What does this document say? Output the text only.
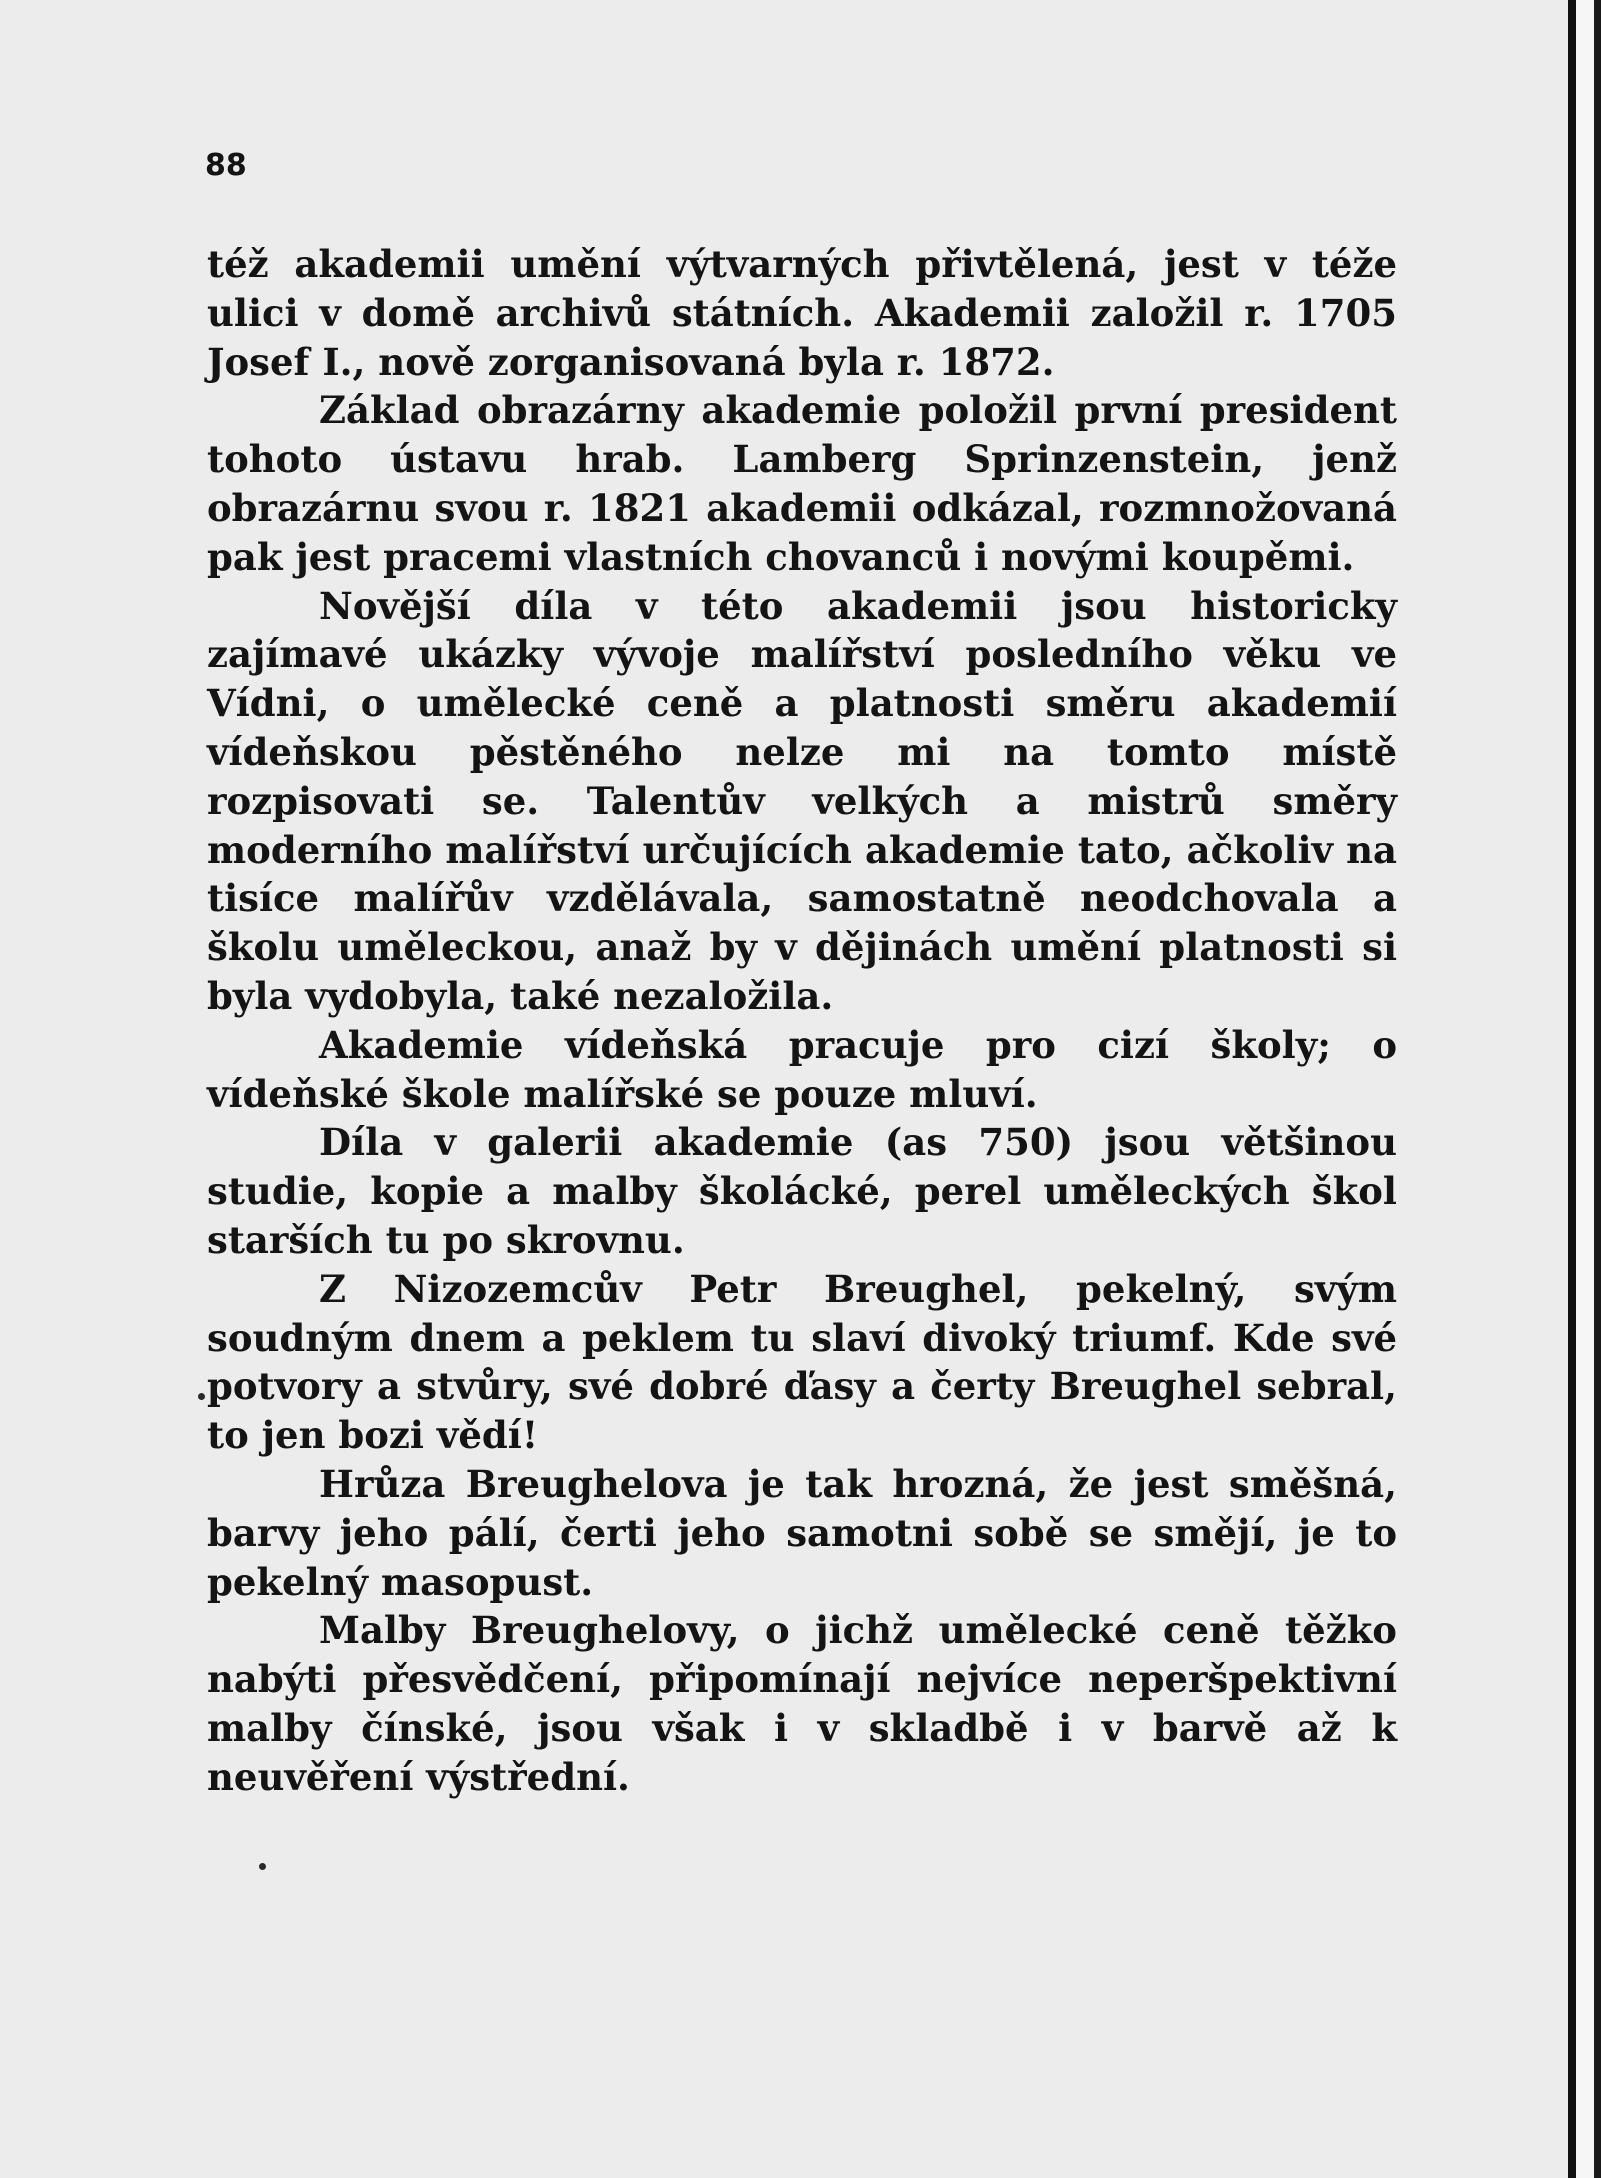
88

též akademii umění výtvarných přivtělená, jest v téže ulici v domě archivů státních. Akademii založil r. 1705 Josef I., nově zorganisovaná byla r. 1872.

Základ obrazárny akademie položil první president tohoto ústavu hrab. Lamberg Sprinzenstein, jenž obrazárnu svou r. 1821 akademii odkázal, rozmnožovaná pak jest pracemi vlastních chovanců i novými koupěmi.

Novější díla v této akademii jsou historicky zajímavé ukázky vývoje malířství posledního věku ve Vídni, o umělecké ceně a platnosti směru akademií vídeňskou pěstěného nelze mi na tomto místě rozpisovati se. Talentův velkých a mistrů směry moderního malířství určujících akademie tato, ačkoliv na tisíce malířův vzdělávala, samostatně neodchovala a školu uměleckou, anaž by v dějinách umění platnosti si byla vydobyla, také nezaložila.

Akademie vídeňská pracuje pro cizí školy; o vídeňské škole malířské se pouze mluví.

Díla v galerii akademie (as 750) jsou většinou studie, kopie a malby školácké, perel uměleckých škol starších tu po skrovnu.

Z Nizozemcův Petr Breughel, pekelný, svým soudným dnem a peklem tu slaví divoký triumf. Kde své potvory a stvůry, své dobré ďasy a čerty Breughel sebral, to jen bozi vědí!

Hrůza Breughelova je tak hrozná, že jest směšná, barvy jeho pálí, čerti jeho samotni sobě se smějí, je to pekelný masopust.

Malby Breughelovy, o jichž umělecké ceně těžko nabýti přesvědčení, připomínají nejvíce neperšpektivní malby čínské, jsou však i v skladbě i v barvě až k neuvěření výstřední.
